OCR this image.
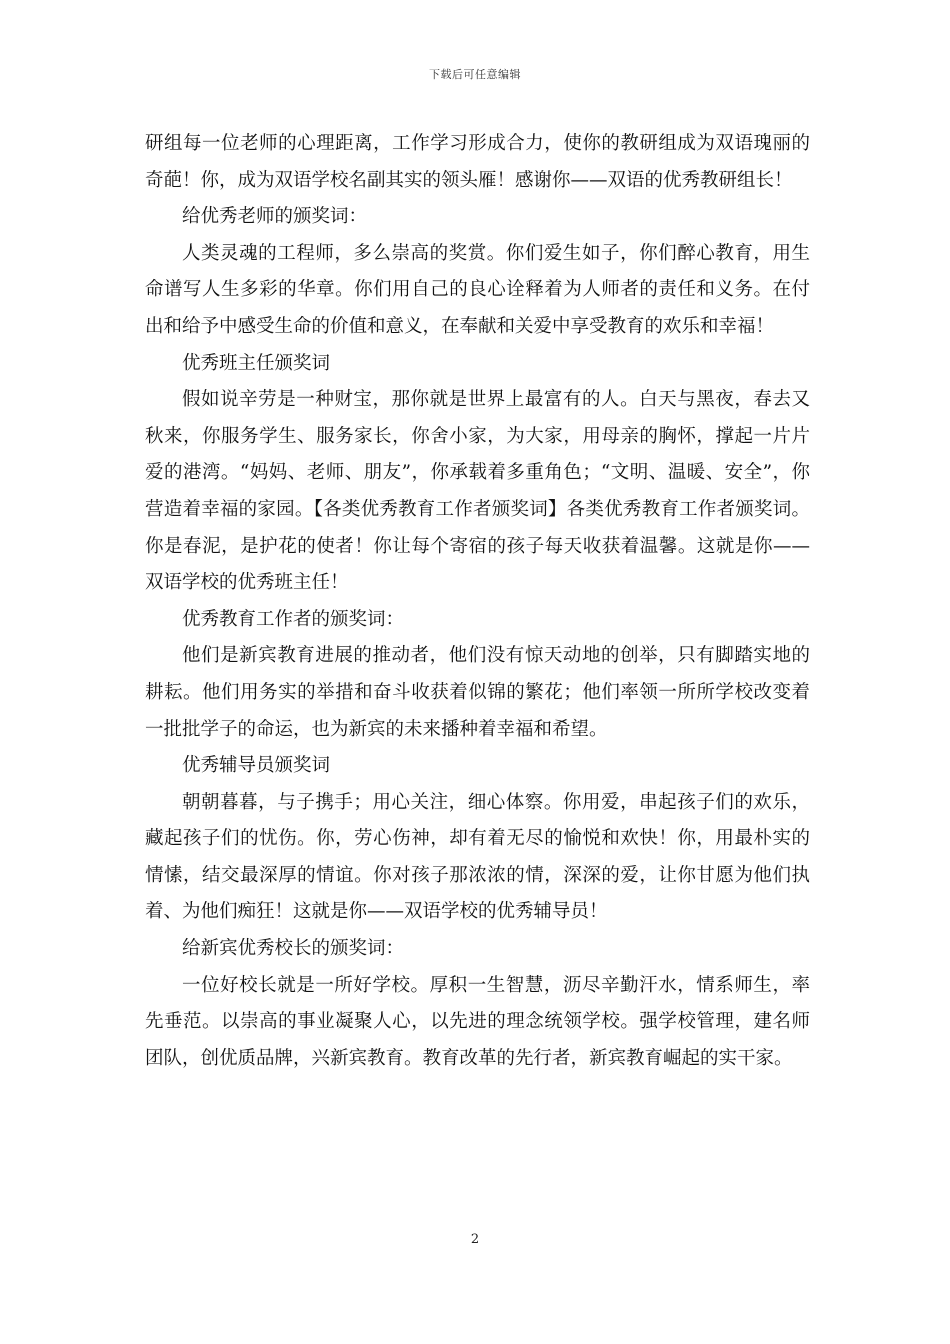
下载后可任意编辑

研组每一位老师的心理距离，工作学习形成合力，使你的教研组成为双语瑰丽的奇葩！你，成为双语学校名副其实的领头雁！感谢你——双语的优秀教研组长！

给优秀老师的颁奖词：

人类灵魂的工程师，多么崇高的奖赏。你们爱生如子，你们醉心教育，用生命谱写人生多彩的华章。你们用自己的良心诠释着为人师者的责任和义务。在付出和给予中感受生命的价值和意义，在奉献和关爱中享受教育的欢乐和幸福！

优秀班主任颁奖词

假如说辛劳是一种财宝，那你就是世界上最富有的人。白天与黑夜，春去又秋来，你服务学生、服务家长，你舍小家，为大家，用母亲的胸怀，撑起一片片爱的港湾。“妈妈、老师、朋友”，你承载着多重角色；“文明、温暖、安全”，你营造着幸福的家园。【各类优秀教育工作者颁奖词】各类优秀教育工作者颁奖词。你是春泥，是护花的使者！你让每个寄宿的孩子每天收获着温馨。这就是你——双语学校的优秀班主任！

优秀教育工作者的颁奖词：

他们是新宾教育进展的推动者，他们没有惊天动地的创举，只有脚踏实地的耕耘。他们用务实的举措和奋斗收获着似锦的繁花；他们率领一所所学校改变着一批批学子的命运，也为新宾的未来播种着幸福和希望。

优秀辅导员颁奖词

朝朝暮暮，与子携手；用心关注，细心体察。你用爱，串起孩子们的欢乐，藏起孩子们的忧伤。你，劳心伤神，却有着无尽的愉悦和欢快！你，用最朴实的情愫，结交最深厚的情谊。你对孩子那浓浓的情，深深的爱，让你甘愿为他们执着、为他们痴狂！这就是你——双语学校的优秀辅导员！

给新宾优秀校长的颁奖词：

一位好校长就是一所好学校。厚积一生智慧，沥尽辛勤汗水，情系师生，率先垂范。以崇高的事业凝聚人心，以先进的理念统领学校。强学校管理，建名师团队，创优质品牌，兴新宾教育。教育改革的先行者，新宾教育崛起的实干家。

2
